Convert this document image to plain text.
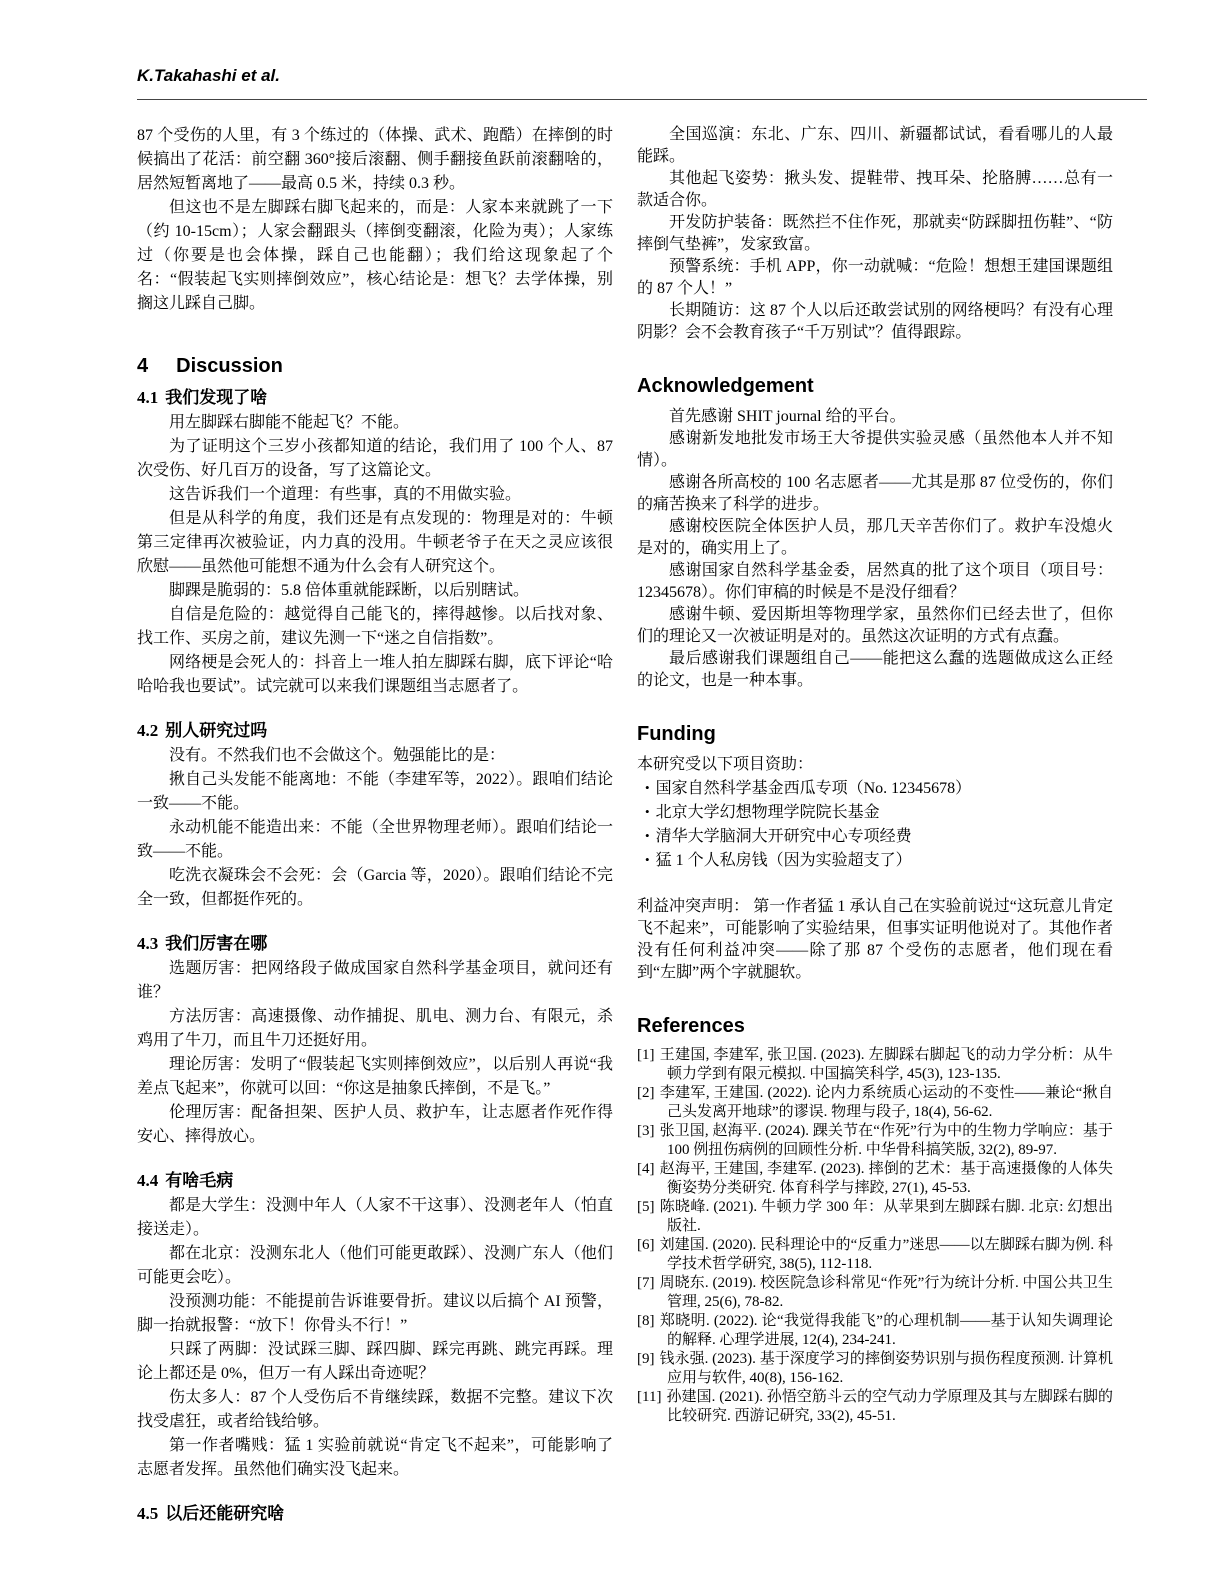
K.Takahashi et al.

87 个受伤的人里，有 3 个练过的（体操、武术、跑酷）在摔倒的时候搞出了花活：前空翻 360°接后滚翻、侧手翻接鱼跃前滚翻啥的，居然短暂离地了——最高 0.5 米，持续 0.3 秒。

但这也不是左脚踩右脚飞起来的，而是：人家本来就跳了一下（约 10-15cm）；人家会翻跟头（摔倒变翻滚，化险为夷）；人家练过（你要是也会体操，踩自己也能翻）；我们给这现象起了个名：“假装起飞实则摔倒效应”，核心结论是：想飞？去学体操，别搁这儿踩自己脚。

4 Discussion
4.1 我们发现了啥

用左脚踩右脚能不能起飞？不能。

为了证明这个三岁小孩都知道的结论，我们用了 100 个人、87 次受伤、好几百万的设备，写了这篇论文。

这告诉我们一个道理：有些事，真的不用做实验。

但是从科学的角度，我们还是有点发现的：物理是对的：牛顿第三定律再次被验证，内力真的没用。牛顿老爷子在天之灵应该很欣慰——虽然他可能想不通为什么会有人研究这个。

脚踝是脆弱的：5.8 倍体重就能踩断，以后别瞎试。

自信是危险的：越觉得自己能飞的，摔得越惨。以后找对象、找工作、买房之前，建议先测一下“迷之自信指数”。

网络梗是会死人的：抖音上一堆人拍左脚踩右脚，底下评论“哈哈哈我也要试”。试完就可以来我们课题组当志愿者了。

4.2 别人研究过吗

没有。不然我们也不会做这个。勉强能比的是：

揪自己头发能不能离地：不能（李建军等，2022）。跟咱们结论一致——不能。

永动机能不能造出来：不能（全世界物理老师）。跟咱们结论一致——不能。

吃洗衣凝珠会不会死：会（Garcia 等，2020）。跟咱们结论不完全一致，但都挺作死的。

4.3 我们厉害在哪

选题厉害：把网络段子做成国家自然科学基金项目，就问还有谁？

方法厉害：高速摄像、动作捕捉、肌电、测力台、有限元，杀鸡用了牛刀，而且牛刀还挺好用。

理论厉害：发明了“假装起飞实则摔倒效应”，以后别人再说“我差点飞起来”，你就可以回：“你这是抽象氏摔倒，不是飞。”

伦理厉害：配备担架、医护人员、救护车，让志愿者作死作得安心、摔得放心。

4.4 有啥毛病

都是大学生：没测中年人（人家不干这事）、没测老年人（怕直接送走）。

都在北京：没测东北人（他们可能更敢踩）、没测广东人（他们可能更会吃）。

没预测功能：不能提前告诉谁要骨折。建议以后搞个 AI 预警，脚一抬就报警：“放下！你骨头不行！”

只踩了两脚：没试踩三脚、踩四脚、踩完再跳、跳完再踩。理论上都还是 0%，但万一有人踩出奇迹呢？

伤太多人：87 个人受伤后不肯继续踩，数据不完整。建议下次找受虐狂，或者给钱给够。

第一作者嘴贱：猛 1 实验前就说“肯定飞不起来”，可能影响了志愿者发挥。虽然他们确实没飞起来。

4.5 以后还能研究啥

全国巡演：东北、广东、四川、新疆都试试，看看哪儿的人最能踩。

其他起飞姿势：揪头发、提鞋带、拽耳朵、抡胳膊……总有一款适合你。

开发防护装备：既然拦不住作死，那就卖“防踩脚扭伤鞋”、“防摔倒气垫裤”，发家致富。

预警系统：手机 APP，你一动就喊：“危险！想想王建国课题组的 87 个人！”

长期随访：这 87 个人以后还敢尝试别的网络梗吗？有没有心理阴影？会不会教育孩子“千万别试”？值得跟踪。

Acknowledgement

首先感谢 SHIT journal 给的平台。

感谢新发地批发市场王大爷提供实验灵感（虽然他本人并不知情）。

感谢各所高校的 100 名志愿者——尤其是那 87 位受伤的，你们的痛苦换来了科学的进步。

感谢校医院全体医护人员，那几天辛苦你们了。救护车没熄火是对的，确实用上了。

感谢国家自然科学基金委，居然真的批了这个项目（项目号：12345678）。你们审稿的时候是不是没仔细看？

感谢牛顿、爱因斯坦等物理学家，虽然你们已经去世了，但你们的理论又一次被证明是对的。虽然这次证明的方式有点蠢。

最后感谢我们课题组自己——能把这么蠢的选题做成这么正经的论文，也是一种本事。

Funding

本研究受以下项目资助：

• 国家自然科学基金西瓜专项（No. 12345678）
• 北京大学幻想物理学院院长基金
• 清华大学脑洞大开研究中心专项经费
• 猛 1 个人私房钱（因为实验超支了）

利益冲突声明： 第一作者猛 1 承认自己在实验前说过“这玩意儿肯定飞不起来”，可能影响了实验结果，但事实证明他说对了。其他作者没有任何利益冲突——除了那 87 个受伤的志愿者，他们现在看到“左脚”两个字就腿软。

References
[1] 王建国, 李建军, 张卫国. (2023). 左脚踩右脚起飞的动力学分析：从牛顿力学到有限元模拟. 中国搞笑科学, 45(3), 123-135.
[2] 李建军, 王建国. (2022). 论内力系统质心运动的不变性——兼论“揪自己头发离开地球”的谬误. 物理与段子, 18(4), 56-62.
[3] 张卫国, 赵海平. (2024). 踝关节在“作死”行为中的生物力学响应：基于 100 例扭伤病例的回顾性分析. 中华骨科搞笑版, 32(2), 89-97.
[4] 赵海平, 王建国, 李建军. (2023). 摔倒的艺术：基于高速摄像的人体失衡姿势分类研究. 体育科学与摔跤, 27(1), 45-53.
[5] 陈晓峰. (2021). 牛顿力学 300 年：从苹果到左脚踩右脚. 北京: 幻想出版社.
[6] 刘建国. (2020). 民科理论中的“反重力”迷思——以左脚踩右脚为例. 科学技术哲学研究, 38(5), 112-118.
[7] 周晓东. (2019). 校医院急诊科常见“作死”行为统计分析. 中国公共卫生管理, 25(6), 78-82.
[8] 郑晓明. (2022). 论“我觉得我能飞”的心理机制——基于认知失调理论的解释. 心理学进展, 12(4), 234-241.
[9] 钱永强. (2023). 基于深度学习的摔倒姿势识别与损伤程度预测. 计算机应用与软件, 40(8), 156-162.
[11] 孙建国. (2021). 孙悟空筋斗云的空气动力学原理及其与左脚踩右脚的比较研究. 西游记研究, 33(2), 45-51.
